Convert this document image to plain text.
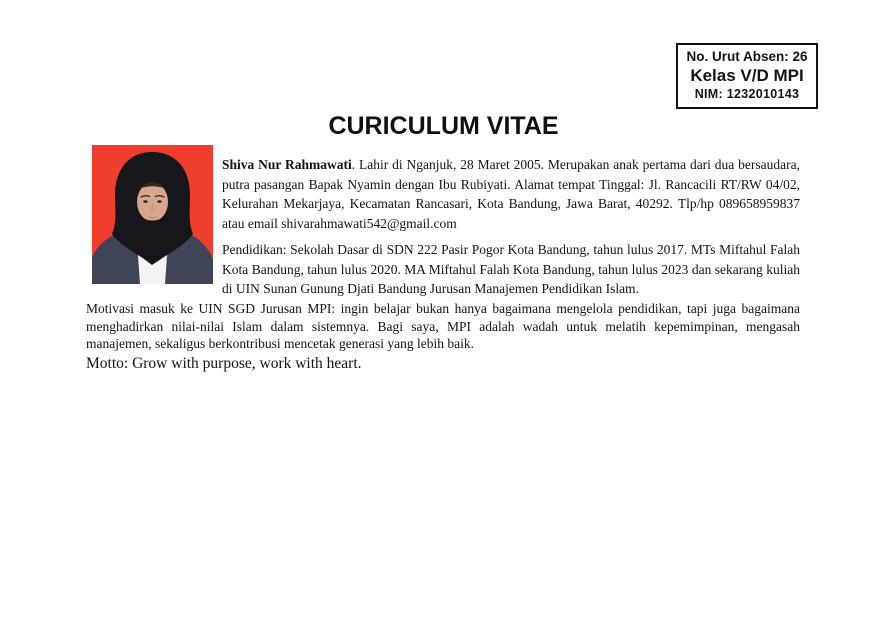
No. Urut Absen: 26
Kelas V/D MPI
NIM: 1232010143
CURICULUM VITAE

Shiva Nur Rahmawati. Lahir di Nganjuk, 28 Maret 2005. Merupakan anak pertama dari dua bersaudara, putra pasangan Bapak Nyamin dengan Ibu Rubiyati. Alamat tempat Tinggal: Jl. Rancacili RT/RW 04/02, Kelurahan Mekarjaya, Kecamatan Rancasari, Kota Bandung, Jawa Barat, 40292. Tlp/hp 089658959837 atau email shivarahmawati542@gmail.com

Pendidikan: Sekolah Dasar di SDN 222 Pasir Pogor Kota Bandung, tahun lulus 2017. MTs Miftahul Falah Kota Bandung, tahun lulus 2020. MA Miftahul Falah Kota Bandung, tahun lulus 2023 dan sekarang kuliah di UIN Sunan Gunung Djati Bandung Jurusan Manajemen Pendidikan Islam.

Motivasi masuk ke UIN SGD Jurusan MPI: ingin belajar bukan hanya bagaimana mengelola pendidikan, tapi juga bagaimana menghadirkan nilai-nilai Islam dalam sistemnya. Bagi saya, MPI adalah wadah untuk melatih kepemimpinan, mengasah manajemen, sekaligus berkontribusi mencetak generasi yang lebih baik.
Motto: Grow with purpose, work with heart.
